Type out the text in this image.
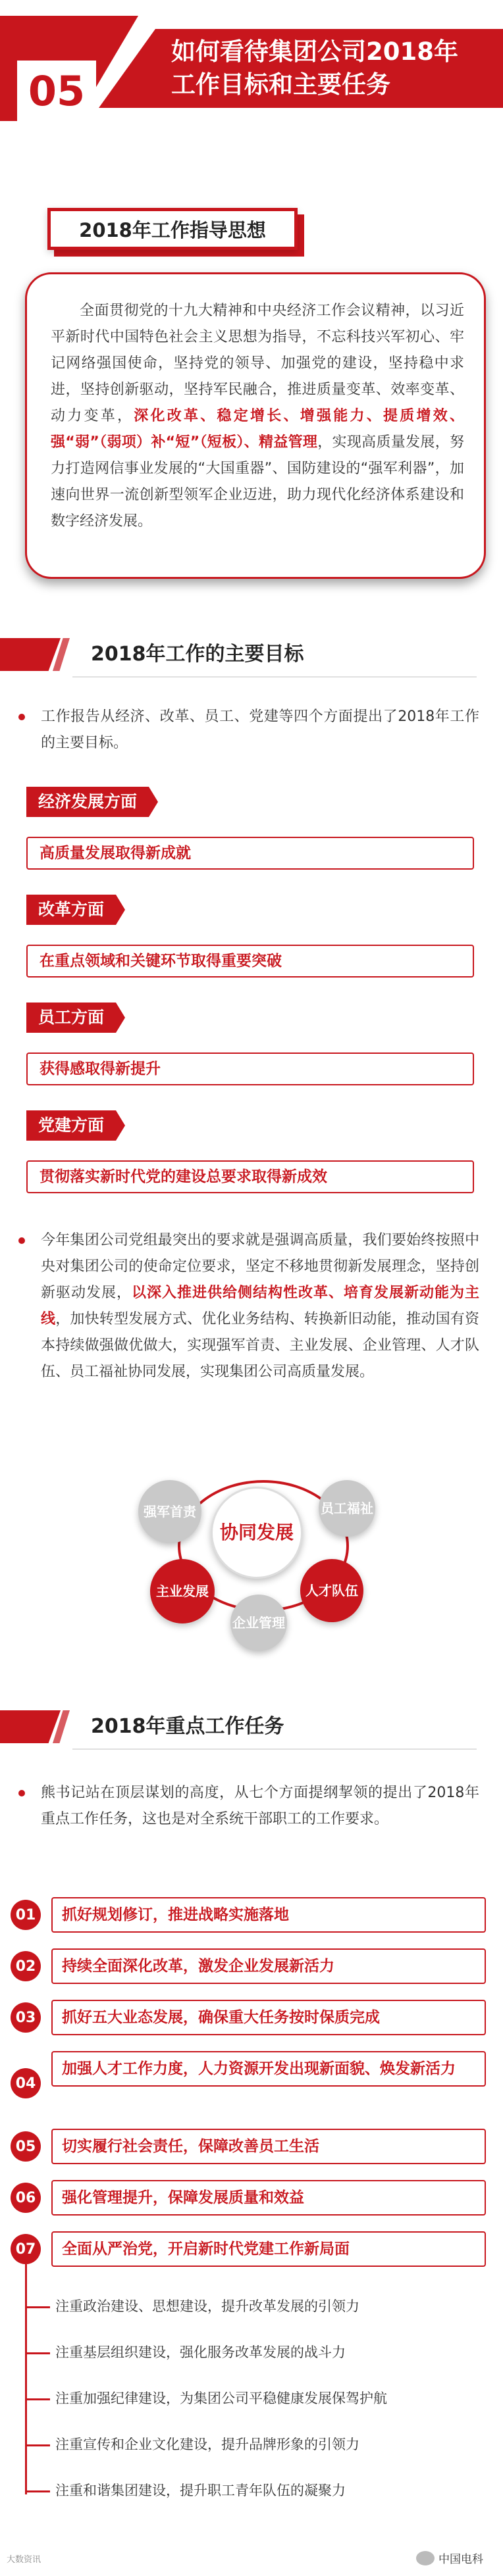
05
如何看待集团公司2018年
工作目标和主要任务
2018年工作指导思想

全面贯彻党的十九大精神和中央经济工作会议精神，以习近平新时代中国特色社会主义思想为指导，不忘科技兴军初心、牢记网络强国使命，坚持党的领导、加强党的建设，坚持稳中求进，坚持创新驱动，坚持军民融合，推进质量变革、效率变革、动力变革，深化改革、稳定增长、增强能力、提质增效、强“弱”（弱项）补“短”（短板）、精益管理，实现高质量发展，努力打造网信事业发展的“大国重器”、国防建设的“强军利器”，加速向世界一流创新型领军企业迈进，助力现代化经济体系建设和数字经济发展。

2018年工作的主要目标
工作报告从经济、改革、员工、党建等四个方面提出了2018年工作的主要目标。
经济发展方面
高质量发展取得新成就
改革方面
在重点领域和关键环节取得重要突破
员工方面
获得感取得新提升
党建方面
贯彻落实新时代党的建设总要求取得新成效
今年集团公司党组最突出的要求就是强调高质量，我们要始终按照中央对集团公司的使命定位要求，坚定不移地贯彻新发展理念，坚持创新驱动发展，以深入推进供给侧结构性改革、培育发展新动能为主线，加快转型发展方式、优化业务结构、转换新旧动能，推动国有资本持续做强做优做大，实现强军首责、主业发展、企业管理、人才队伍、员工福祉协同发展，实现集团公司高质量发展。
协同发展
强军首责	员工福祉
主业发展	人才队伍
企业管理
2018年重点工作任务
熊书记站在顶层谋划的高度，从七个方面提纲挈领的提出了2018年重点工作任务，这也是对全系统干部职工的工作要求。
01	抓好规划修订，推进战略实施落地
02	持续全面深化改革，激发企业发展新活力
03	抓好五大业态发展，确保重大任务按时保质完成
04
加强人才工作力度，人力资源开发出现新面貌、焕发新活力
05	切实履行社会责任，保障改善员工生活
06	强化管理提升，保障发展质量和效益
07	全面从严治党，开启新时代党建工作新局面
注重政治建设、思想建设，提升改革发展的引领力
注重基层组织建设，强化服务改革发展的战斗力
注重加强纪律建设，为集团公司平稳健康发展保驾护航
注重宣传和企业文化建设，提升品牌形象的引领力
注重和谐集团建设，提升职工青年队伍的凝聚力
大数资讯	中国电科
